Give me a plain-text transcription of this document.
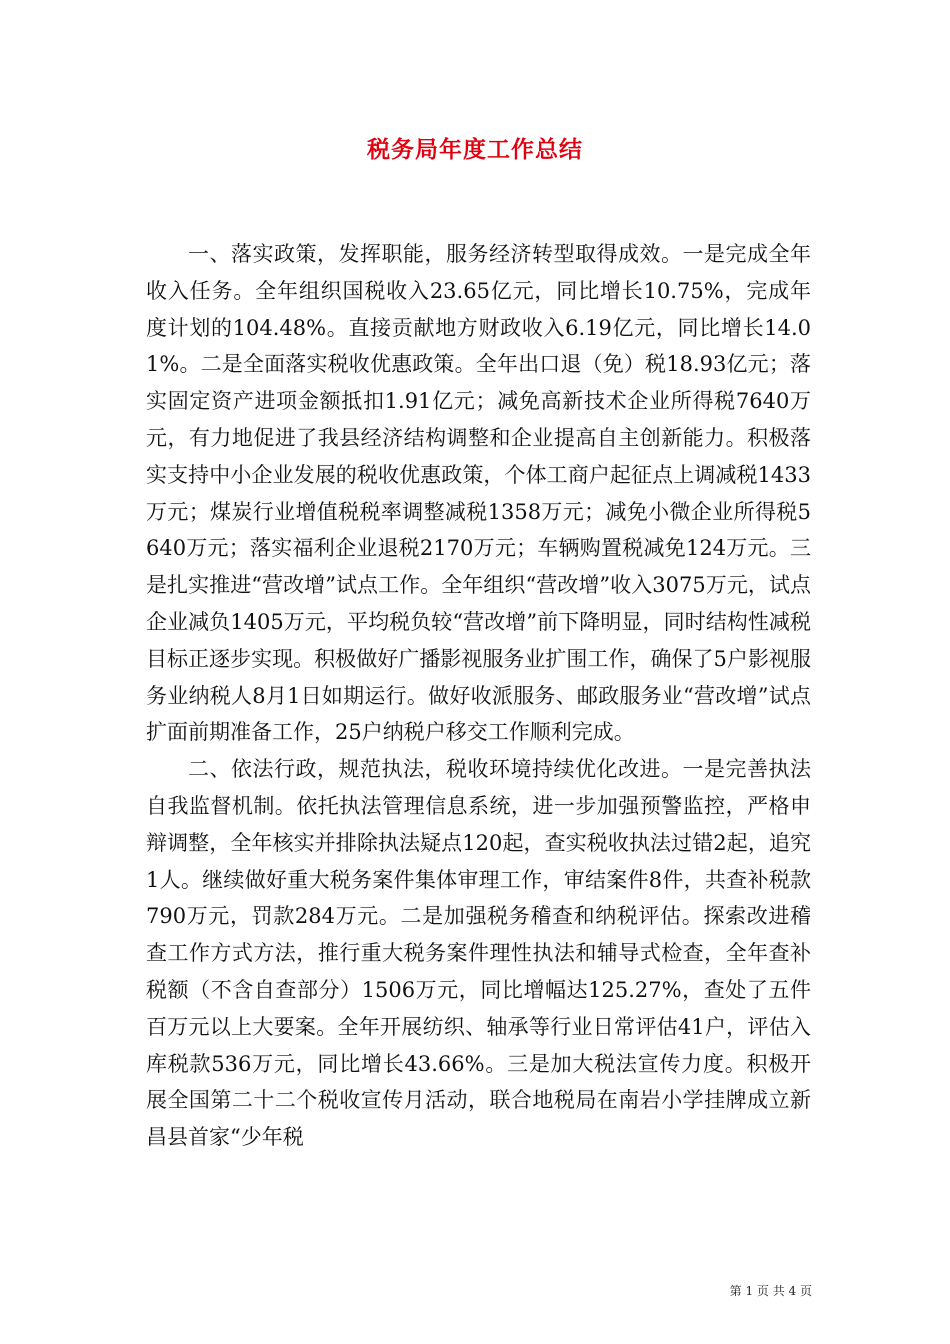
税务局年度工作总结

一、落实政策，发挥职能，服务经济转型取得成效。一是完成全年收入任务。全年组织国税收入23.65亿元，同比增长10.75%，完成年度计划的104.48%。直接贡献地方财政收入6.19亿元，同比增长14.01%。二是全面落实税收优惠政策。全年出口退（免）税18.93亿元；落实固定资产进项金额抵扣1.91亿元；减免高新技术企业所得税7640万元，有力地促进了我县经济结构调整和企业提高自主创新能力。积极落实支持中小企业发展的税收优惠政策，个体工商户起征点上调减税1433万元；煤炭行业增值税税率调整减税1358万元；减免小微企业所得税5640万元；落实福利企业退税2170万元；车辆购置税减免124万元。三是扎实推进“营改增”试点工作。全年组织“营改增”收入3075万元，试点企业减负1405万元，平均税负较“营改增”前下降明显，同时结构性减税目标正逐步实现。积极做好广播影视服务业扩围工作，确保了5户影视服务业纳税人8月1日如期运行。做好收派服务、邮政服务业“营改增”试点扩面前期准备工作，25户纳税户移交工作顺利完成。

二、依法行政，规范执法，税收环境持续优化改进。一是完善执法自我监督机制。依托执法管理信息系统，进一步加强预警监控，严格申辩调整，全年核实并排除执法疑点120起，查实税收执法过错2起，追究1人。继续做好重大税务案件集体审理工作，审结案件8件，共查补税款790万元，罚款284万元。二是加强税务稽查和纳税评估。探索改进稽查工作方式方法，推行重大税务案件理性执法和辅导式检查，全年查补税额（不含自查部分）1506万元，同比增幅达125.27%，查处了五件百万元以上大要案。全年开展纺织、轴承等行业日常评估41户，评估入库税款536万元，同比增长43.66%。三是加大税法宣传力度。积极开展全国第二十二个税收宣传月活动，联合地税局在南岩小学挂牌成立新昌县首家“少年税

第 1 页 共 4 页
